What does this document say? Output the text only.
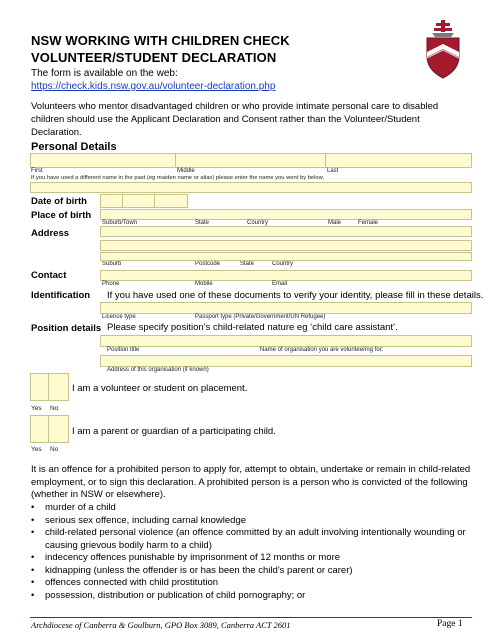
NSW WORKING WITH CHILDREN CHECK
VOLUNTEER/STUDENT DECLARATION
The form is available on the web:
https://check.kids.nsw.gov.au/volunteer-declaration.php
Volunteers who mentor disadvantaged children or who provide intimate personal care to disabled children should use the Applicant Declaration and Consent rather than the Volunteer/Student Declaration.
Personal Details
First	Middle	Last
If you have used a different name in the past (eg maiden name or alias) please enter the name you went by below.
Date of birth
Place of birth
Suburb/Town	State	Country	Male	Female
Address
Suburb	Postcode	State	Country
Contact
Phone	Mobile	Email
Identification If you have used one of these documents to verify your identity, please fill in these details.
Licence type	Passport type (Private/Government/UN Refugee)
Position details Please specify position’s child-related nature eg ‘child care assistant’.
Position title	Name of organisation you are volunteering for:
Address of this organisation (if known)
Yes No
I am a volunteer or student on placement.
Yes No
I am a parent or guardian of a participating child.
It is an offence for a prohibited person to apply for, attempt to obtain, undertake or remain in child-related employment, or to sign this declaration. A prohibited person is a person who is convicted of the following (whether in NSW or elsewhere).
• murder of a child
• serious sex offence, including carnal knowledge
• child-related personal violence (an offence committed by an adult involving intentionally wounding or causing grievous bodily harm to a child)
• indecency offences punishable by imprisonment of 12 months or more
• kidnapping (unless the offender is or has been the child’s parent or carer)
• offences connected with child prostitution
• possession, distribution or publication of child pornography; or
Archdiocese of Canberra & Goulburn, GPO Box 3089, Canberra ACT 2601	Page 1
